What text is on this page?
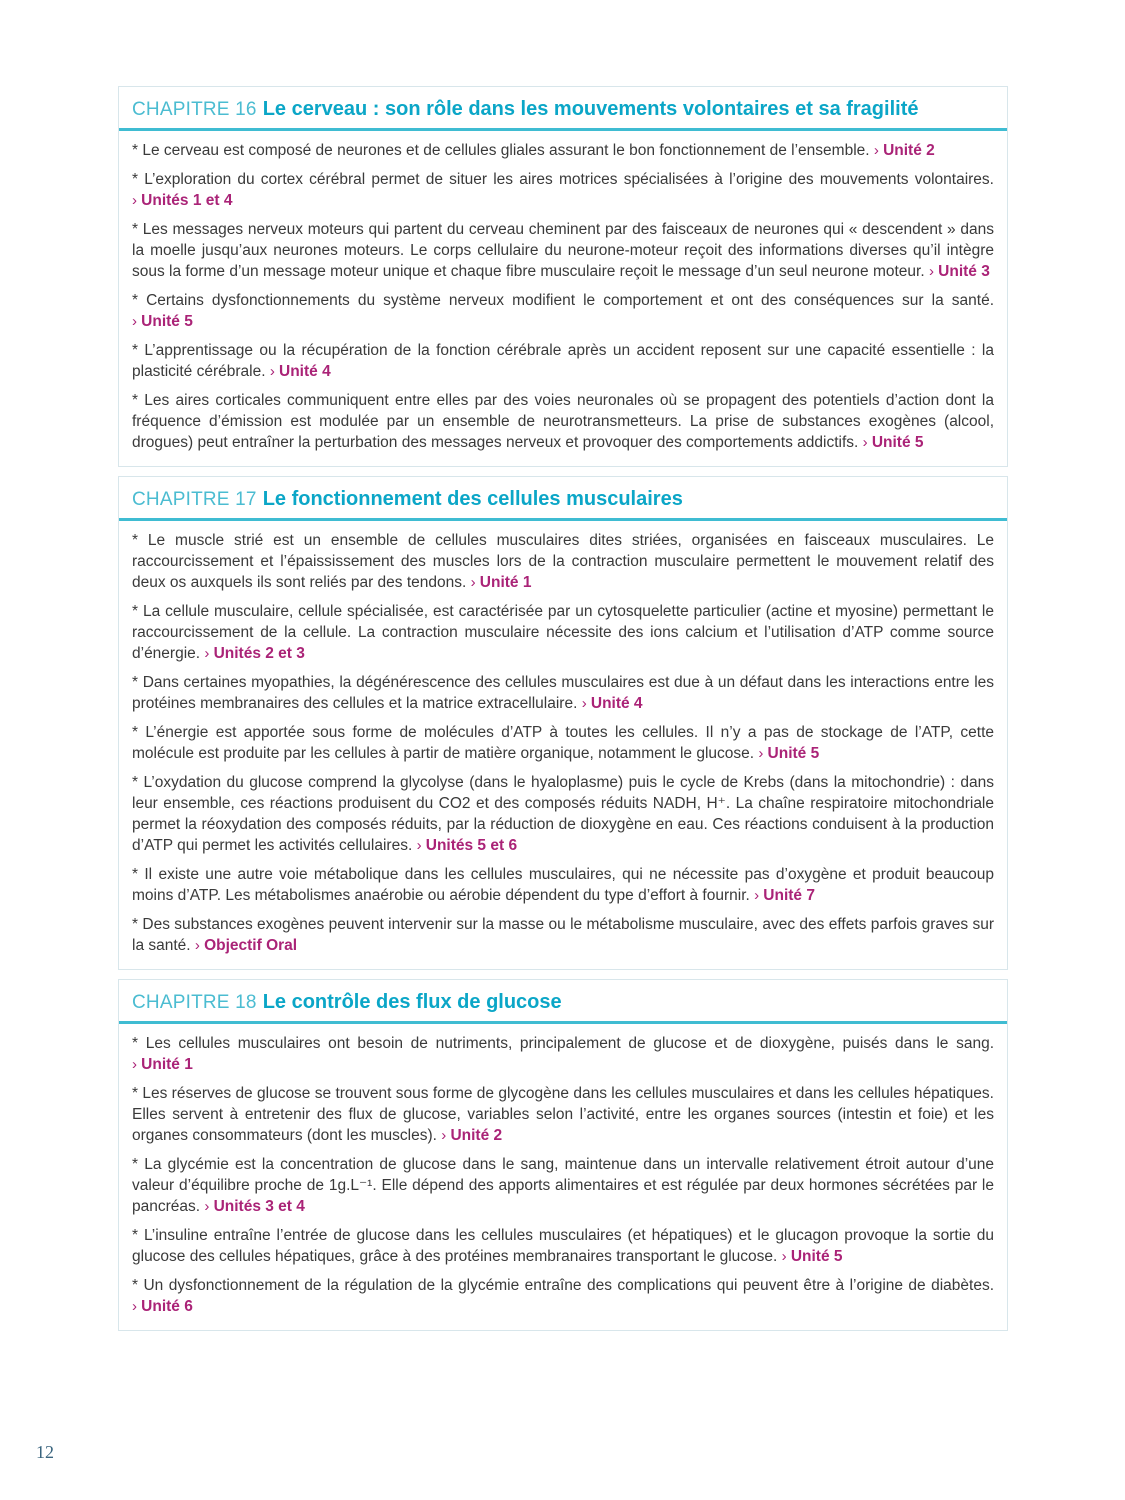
CHAPITRE 16 Le cerveau : son rôle dans les mouvements volontaires et sa fragilité

* Le cerveau est composé de neurones et de cellules gliales assurant le bon fonctionnement de l’ensemble. › Unité 2

* L’exploration du cortex cérébral permet de situer les aires motrices spécialisées à l’origine des mouvements volontaires. › Unités 1 et 4

* Les messages nerveux moteurs qui partent du cerveau cheminent par des faisceaux de neurones qui « descendent » dans la moelle jusqu’aux neurones moteurs. Le corps cellulaire du neurone-moteur reçoit des informations diverses qu’il intègre sous la forme d’un message moteur unique et chaque fibre musculaire reçoit le message d’un seul neurone moteur. › Unité 3

* Certains dysfonctionnements du système nerveux modifient le comportement et ont des conséquences sur la santé. › Unité 5

* L’apprentissage ou la récupération de la fonction cérébrale après un accident reposent sur une capacité essentielle : la plasticité cérébrale. › Unité 4

* Les aires corticales communiquent entre elles par des voies neuronales où se propagent des potentiels d’action dont la fréquence d’émission est modulée par un ensemble de neurotransmetteurs. La prise de substances exogènes (alcool, drogues) peut entraîner la perturbation des messages nerveux et provoquer des comportements addictifs. › Unité 5

CHAPITRE 17 Le fonctionnement des cellules musculaires

* Le muscle strié est un ensemble de cellules musculaires dites striées, organisées en faisceaux musculaires. Le raccourcissement et l’épaississement des muscles lors de la contraction musculaire permettent le mouvement relatif des deux os auxquels ils sont reliés par des tendons. › Unité 1

* La cellule musculaire, cellule spécialisée, est caractérisée par un cytosquelette particulier (actine et myosine) permettant le raccourcissement de la cellule. La contraction musculaire nécessite des ions calcium et l’utilisation d’ATP comme source d’énergie. › Unités 2 et 3

* Dans certaines myopathies, la dégénérescence des cellules musculaires est due à un défaut dans les interactions entre les protéines membranaires des cellules et la matrice extracellulaire. › Unité 4

* L’énergie est apportée sous forme de molécules d’ATP à toutes les cellules. Il n’y a pas de stockage de l’ATP, cette molécule est produite par les cellules à partir de matière organique, notamment le glucose. › Unité 5

* L’oxydation du glucose comprend la glycolyse (dans le hyaloplasme) puis le cycle de Krebs (dans la mitochondrie) : dans leur ensemble, ces réactions produisent du CO2 et des composés réduits NADH, H⁺. La chaîne respiratoire mitochondriale permet la réoxydation des composés réduits, par la réduction de dioxygène en eau. Ces réactions conduisent à la production d’ATP qui permet les activités cellulaires. › Unités 5 et 6

* Il existe une autre voie métabolique dans les cellules musculaires, qui ne nécessite pas d’oxygène et produit beaucoup moins d’ATP. Les métabolismes anaérobie ou aérobie dépendent du type d’effort à fournir. › Unité 7

* Des substances exogènes peuvent intervenir sur la masse ou le métabolisme musculaire, avec des effets parfois graves sur la santé. › Objectif Oral

CHAPITRE 18 Le contrôle des flux de glucose

* Les cellules musculaires ont besoin de nutriments, principalement de glucose et de dioxygène, puisés dans le sang. › Unité 1

* Les réserves de glucose se trouvent sous forme de glycogène dans les cellules musculaires et dans les cellules hépatiques. Elles servent à entretenir des flux de glucose, variables selon l’activité, entre les organes sources (intestin et foie) et les organes consommateurs (dont les muscles). › Unité 2

* La glycémie est la concentration de glucose dans le sang, maintenue dans un intervalle relativement étroit autour d’une valeur d’équilibre proche de 1g.L⁻¹. Elle dépend des apports alimentaires et est régulée par deux hormones sécrétées par le pancréas. › Unités 3 et 4

* L’insuline entraîne l’entrée de glucose dans les cellules musculaires (et hépatiques) et le glucagon provoque la sortie du glucose des cellules hépatiques, grâce à des protéines membranaires transportant le glucose. › Unité 5

* Un dysfonctionnement de la régulation de la glycémie entraîne des complications qui peuvent être à l’origine de diabètes. › Unité 6

12
